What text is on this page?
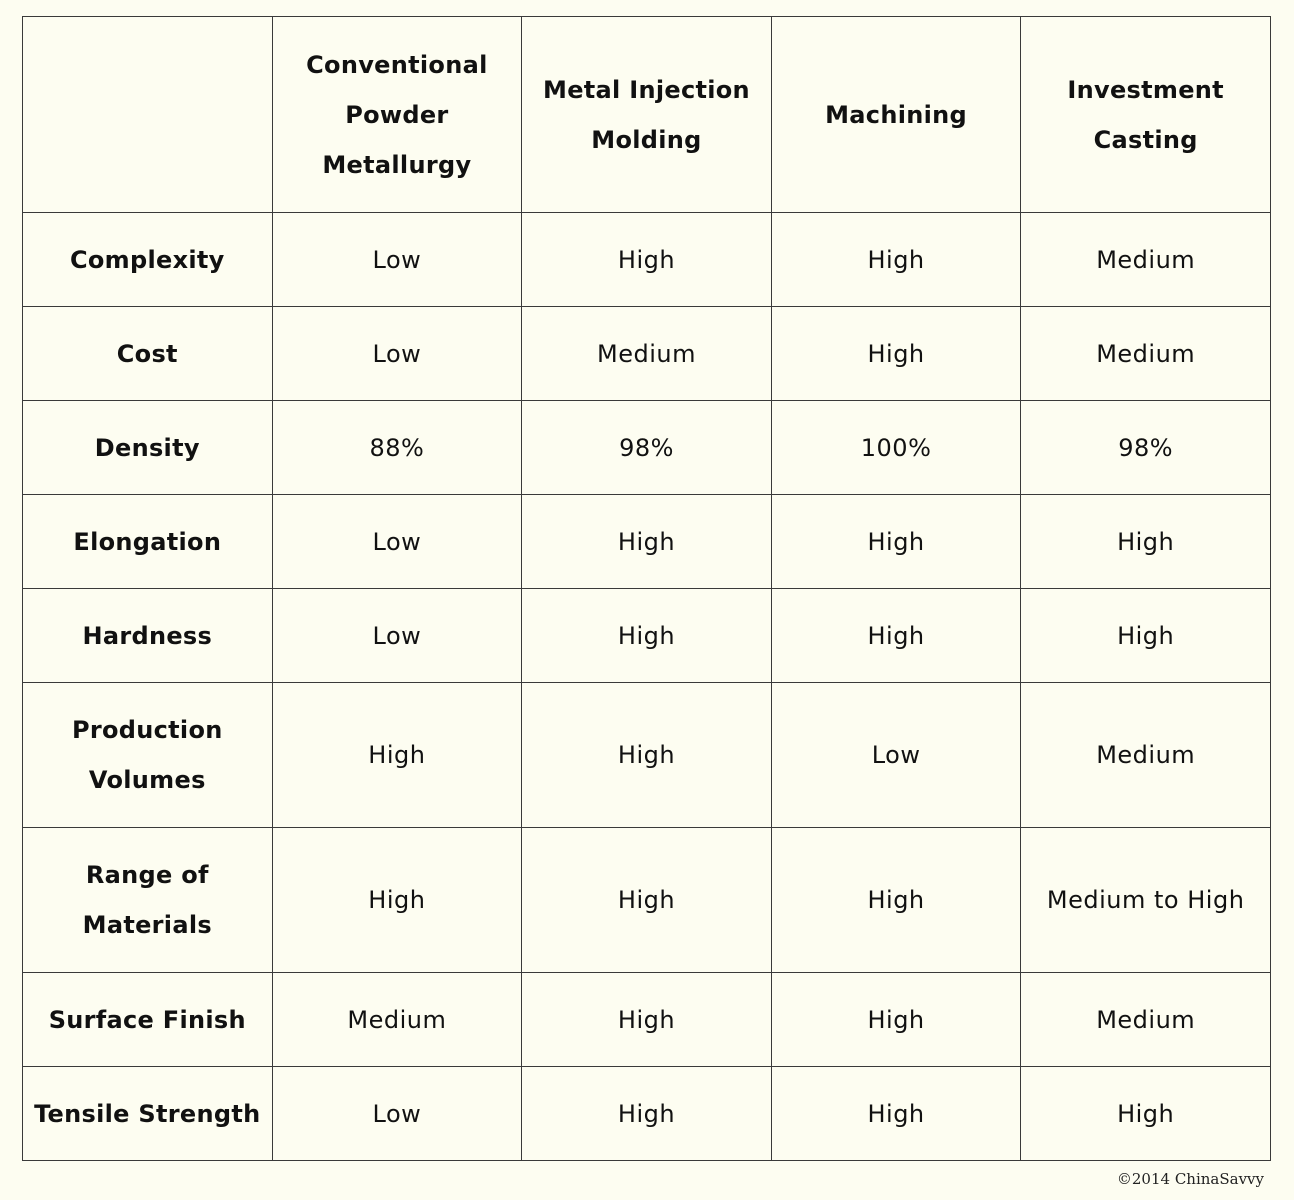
	Conventional Powder Metallurgy	Metal Injection Molding	Machining	Investment Casting
Complexity	Low	High	High	Medium
Cost	Low	Medium	High	Medium
Density	88%	98%	100%	98%
Elongation	Low	High	High	High
Hardness	Low	High	High	High
Production Volumes	High	High	Low	Medium
Range of Materials	High	High	High	Medium to High
Surface Finish	Medium	High	High	Medium
Tensile Strength	Low	High	High	High
©2014 ChinaSavvy
